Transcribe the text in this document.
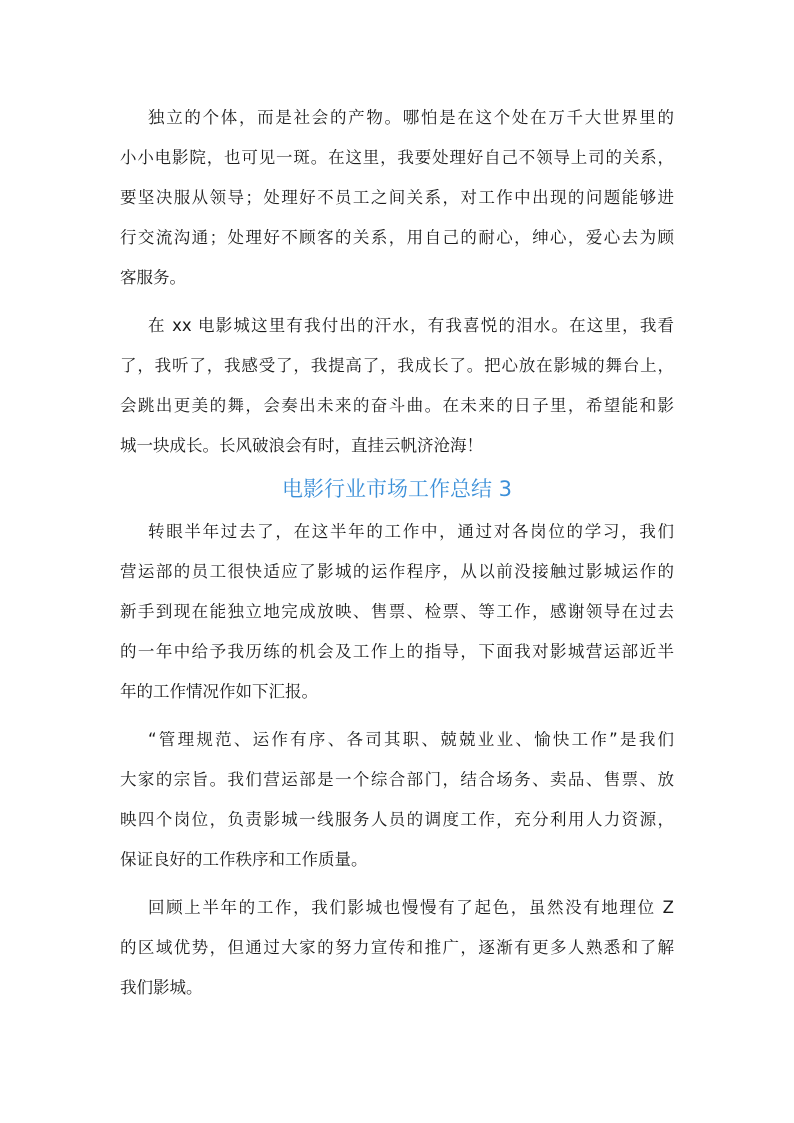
独立的个体，而是社会的产物。哪怕是在这个处在万千大世界里的
小小电影院，也可见一斑。在这里，我要处理好自己不领导上司的关系，
要坚决服从领导；处理好不员工之间关系，对工作中出现的问题能够进
行交流沟通；处理好不顾客的关系，用自己的耐心，绅心，爱心去为顾
客服务。
在 xx 电影城这里有我付出的汗水，有我喜悦的泪水。在这里，我看
了，我听了，我感受了，我提高了，我成长了。把心放在影城的舞台上，
会跳出更美的舞，会奏出未来的奋斗曲。在未来的日子里，希望能和影
城一块成长。长风破浪会有时，直挂云帆济沧海！
电影行业市场工作总结 3
转眼半年过去了，在这半年的工作中，通过对各岗位的学习，我们
营运部的员工很快适应了影城的运作程序，从以前没接触过影城运作的
新手到现在能独立地完成放映、售票、检票、等工作，感谢领导在过去
的一年中给予我历练的机会及工作上的指导，下面我对影城营运部近半
年的工作情况作如下汇报。
“管理规范、运作有序、各司其职、兢兢业业、愉快工作”是我们
大家的宗旨。我们营运部是一个综合部门，结合场务、卖品、售票、放
映四个岗位，负责影城一线服务人员的调度工作，充分利用人力资源，
保证良好的工作秩序和工作质量。
回顾上半年的工作，我们影城也慢慢有了起色，虽然没有地理位 Z
的区域优势，但通过大家的努力宣传和推广，逐渐有更多人熟悉和了解
我们影城。
